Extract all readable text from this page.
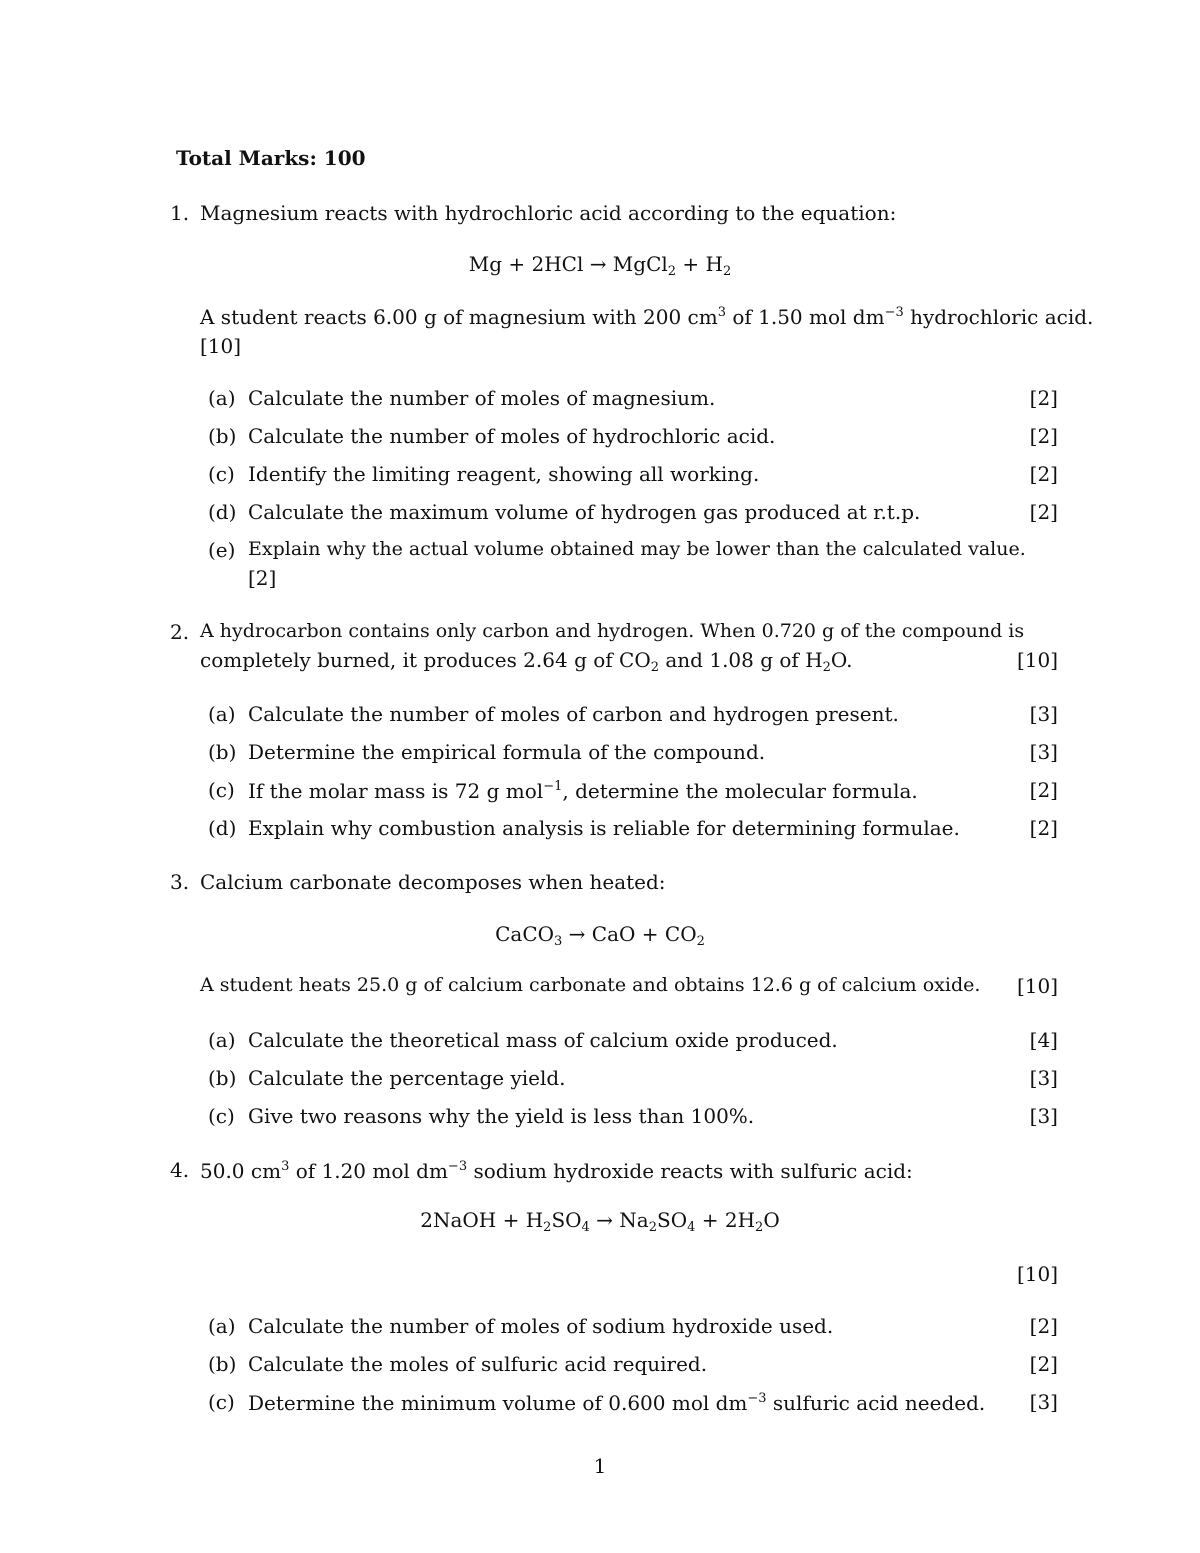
Total Marks: 100
1. Magnesium reacts with hydrochloric acid according to the equation:
Mg + 2HCl → MgCl$_2$ + $H_2$
A student reacts 6.00 g of magnesium with 200 $cm^3$ of 1.50 mol $dm^{-3}$ hydrochloric acid.
[10]
(a) Calculate the number of moles of magnesium.	[2]
(b) Calculate the number of moles of hydrochloric acid.	[2]
(c) Identify the limiting reagent, showing all working.	[2]
(d) Calculate the maximum volume of hydrogen gas produced at r.t.p.	[2]
(e) Explain why the actual volume obtained may be lower than the calculated value.
[2]
2. A hydrocarbon contains only carbon and hydrogen. When 0.720 g of the compound is
completely burned, it produces 2.64 g of $CO_2$ and 1.08 g of $H_2O$.	[10]
(a) Calculate the number of moles of carbon and hydrogen present.	[3]
(b) Determine the empirical formula of the compound.	[3]
(c) If the molar mass is 72 g mol$^{-1}$, determine the molecular formula.	[2]
(d) Explain why combustion analysis is reliable for determining formulae.	[2]
3. Calcium carbonate decomposes when heated:
CaCO$_3$ → CaO + $CO_2$
A student heats 25.0 g of calcium carbonate and obtains 12.6 g of calcium oxide. [10]
(a) Calculate the theoretical mass of calcium oxide produced.	[4]
(b) Calculate the percentage yield.	[3]
(c) Give two reasons why the yield is less than 100%.	[3]
4. 50.0 $cm^3$ of 1.20 mol $dm^{-3}$ sodium hydroxide reacts with sulfuric acid:
2NaOH + $H_2SO_4 \to Na_2SO_4 + 2H_2O$
[10]
(a) Calculate the number of moles of sodium hydroxide used.	[2]
(b) Calculate the moles of sulfuric acid required.	[2]
(c) Determine the minimum volume of 0.600 mol $dm^{-3}$ sulfuric acid needed. [3]
1
